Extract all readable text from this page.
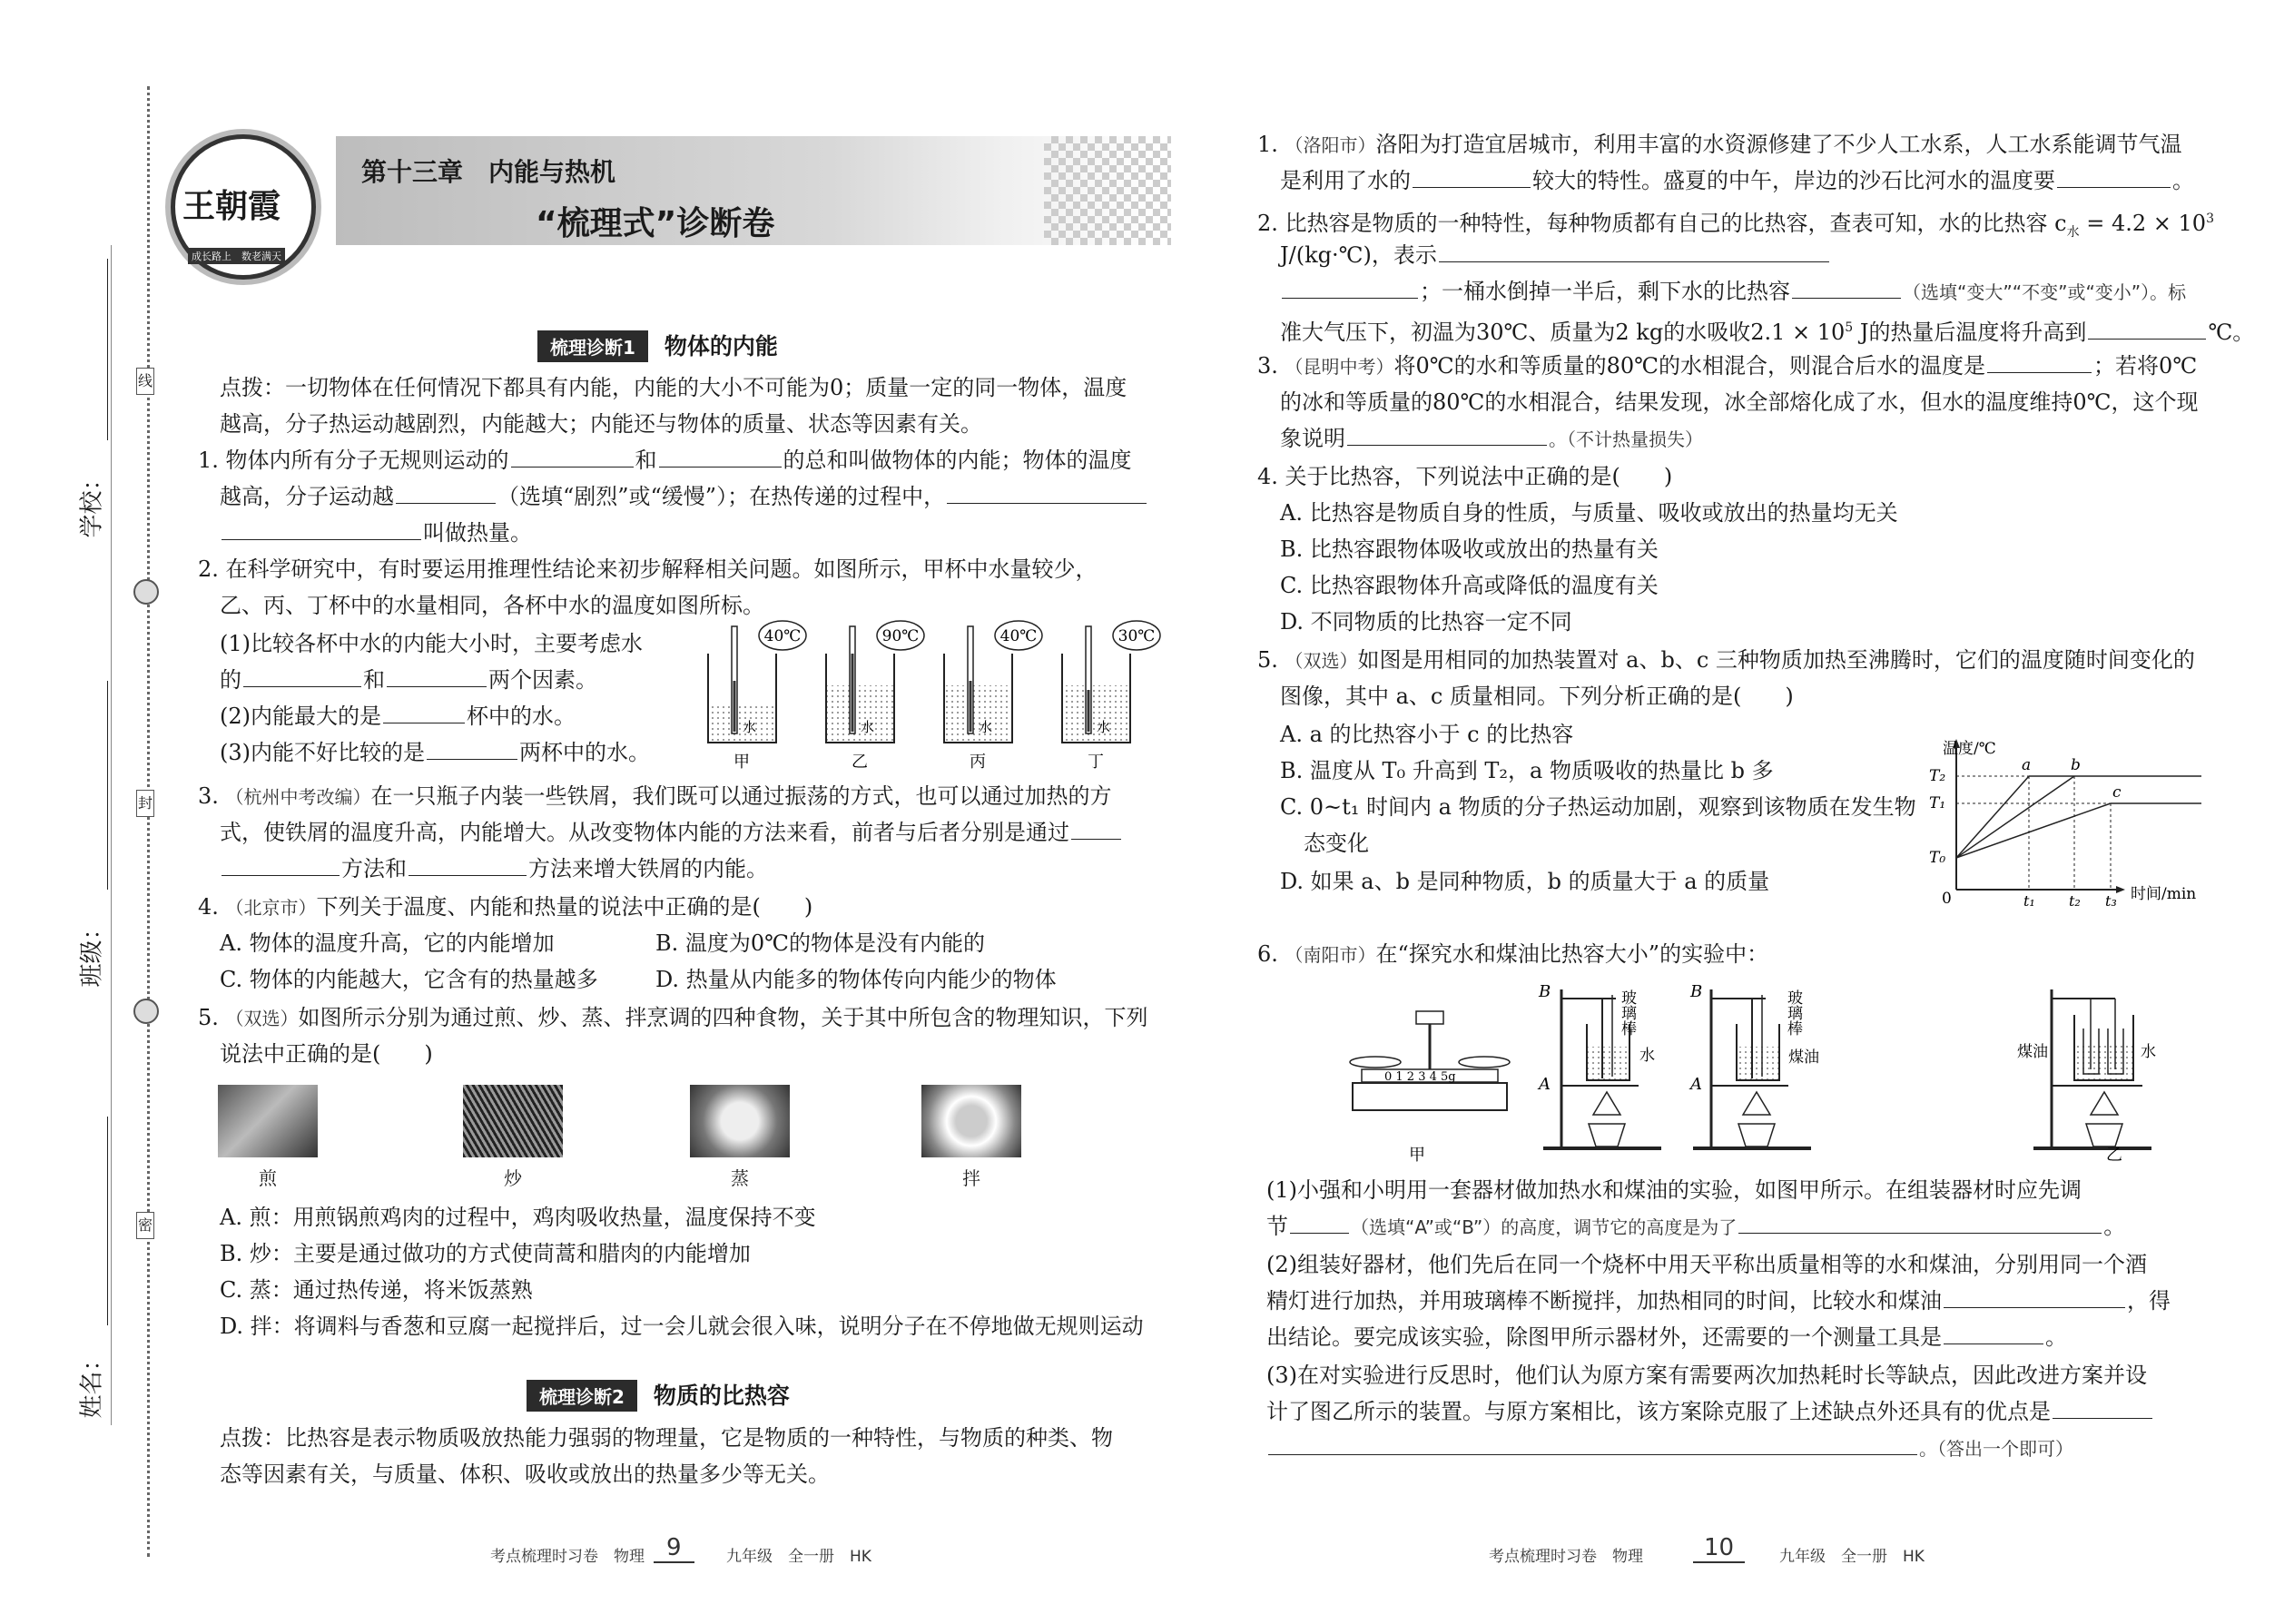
学校：
班级：
姓名：
线
封
密
王朝霞
成长路上　数老满天
第十三章　内能与热机
“梳理式”诊断卷
梳理诊断1 物体的内能
点拨：一切物体在任何情况下都具有内能，内能的大小不可能为0；质量一定的同一物体，温度
越高，分子热运动越剧烈，内能越大；内能还与物体的质量、状态等因素有关。
1. 物体内所有分子无规则运动的	和	的总和叫做物体的内能；物体的温度
越高，分子运动越	（选填“剧烈”或“缓慢”）；在热传递的过程中，
叫做热量。
2. 在科学研究中，有时要运用推理性结论来初步解释相关问题。如图所示，甲杯中水量较少，
乙、丙、丁杯中的水量相同，各杯中水的温度如图所标。
(1)比较各杯中水的内能大小时，主要考虑水
的	和	两个因素。
(2)内能最大的是	杯中的水。
(3)内能不好比较的是	两杯中的水。
40℃	90℃	40℃	30℃
水	水	水	水
甲	乙	丙	丁
3. （杭州中考改编）在一只瓶子内装一些铁屑，我们既可以通过振荡的方式，也可以通过加热的方
式，使铁屑的温度升高，内能增大。从改变物体内能的方法来看，前者与后者分别是通过
方法和	方法来增大铁屑的内能。
4. （北京市）下列关于温度、内能和热量的说法中正确的是(　　)
A. 物体的温度升高，它的内能增加	B. 温度为0℃的物体是没有内能的
C. 物体的内能越大，它含有的热量越多	D. 热量从内能多的物体传向内能少的物体
5. （双选）如图所示分别为通过煎、炒、蒸、拌烹调的四种食物，关于其中所包含的物理知识，下列
说法中正确的是(　　)
煎	炒	蒸	拌
A. 煎：用煎锅煎鸡肉的过程中，鸡肉吸收热量，温度保持不变
B. 炒：主要是通过做功的方式使茼蒿和腊肉的内能增加
C. 蒸：通过热传递，将米饭蒸熟
D. 拌：将调料与香葱和豆腐一起搅拌后，过一会儿就会很入味，说明分子在不停地做无规则运动
梳理诊断2 物质的比热容
点拨：比热容是表示物质吸放热能力强弱的物理量，它是物质的一种特性，与物质的种类、物
态等因素有关，与质量、体积、吸收或放出的热量多少等无关。
考点梳理时习卷　物理 9	九年级　全一册　HK
1. （洛阳市）洛阳为打造宜居城市，利用丰富的水资源修建了不少人工水系，人工水系能调节气温
是利用了水的	较大的特性。盛夏的中午，岸边的沙石比河水的温度要	。
2. 比热容是物质的一种特性，每种物质都有自己的比热容，查表可知，水的比热容 $c_水 = 4.2 \times 10^3$
J/(kg·℃)，表示
；一桶水倒掉一半后，剩下水的比热容	（选填“变大”“不变”或“变小”）。标
准大气压下，初温为30℃、质量为2 kg的水吸收$2.1 \times 10^5$ J的热量后温度将升高到	℃。
3. （昆明中考）将0℃的水和等质量的80℃的水相混合，则混合后水的温度是	；若将0℃
的冰和等质量的80℃的水相混合，结果发现，冰全部熔化成了水，但水的温度维持0℃，这个现
象说明	。（不计热量损失）
4. 关于比热容，下列说法中正确的是(　　)
A. 比热容是物质自身的性质，与质量、吸收或放出的热量均无关
B. 比热容跟物体吸收或放出的热量有关
C. 比热容跟物体升高或降低的温度有关
D. 不同物质的比热容一定不同
5. （双选）如图是用相同的加热装置对 a、b、c 三种物质加热至沸腾时，它们的温度随时间变化的
图像，其中 a、c 质量相同。下列分析正确的是(　　)
A. a 的比热容小于 c 的比热容
B. 温度从 T₀ 升高到 T₂，a 物质吸收的热量比 b 多
C. 0~t₁ 时间内 a 物质的分子热运动加剧，观察到该物质在发生物
态变化
D. 如果 a、b 是同种物质，b 的质量大于 a 的质量
温度/℃
时间/min
T₂
T₁
T₀
0	t₁ t₂ t₃
a	b
c
6. （南阳市）在“探究水和煤油比热容大小”的实验中：
0 1 2 3 4 5g
B
A
玻璃棒
水
B
A
玻璃棒
煤油
甲
煤油	水
乙
(1)小强和小明用一套器材做加热水和煤油的实验，如图甲所示。在组装器材时应先调
节	（选填“A”或“B”）的高度，调节它的高度是为了	。
(2)组装好器材，他们先后在同一个烧杯中用天平称出质量相等的水和煤油，分别用同一个酒
精灯进行加热，并用玻璃棒不断搅拌，加热相同的时间，比较水和煤油	，得
出结论。要完成该实验，除图甲所示器材外，还需要的一个测量工具是	。
(3)在对实验进行反思时，他们认为原方案有需要两次加热耗时长等缺点，因此改进方案并设
计了图乙所示的装置。与原方案相比，该方案除克服了上述缺点外还具有的优点是
。（答出一个即可）
考点梳理时习卷　物理	10	九年级　全一册　HK
